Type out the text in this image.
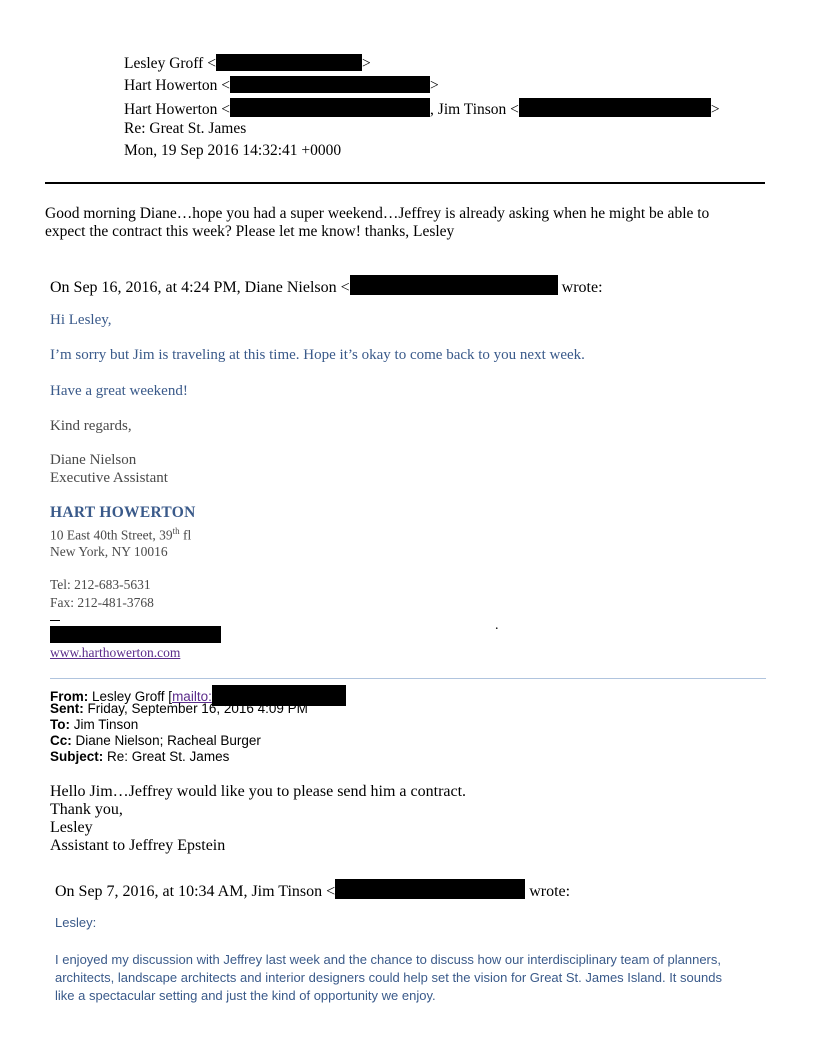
Lesley Groff <	>
Hart Howerton <	>
Hart Howerton <	, Jim Tinson <	>
Re: Great St. James
Mon, 19 Sep 2016 14:32:41 +0000
Good morning Diane…hope you had a super weekend…Jeffrey is already asking when he might be able to
expect the contract this week? Please let me know! thanks, Lesley
On Sep 16, 2016, at 4:24 PM, Diane Nielson <	wrote:
Hi Lesley,
I’m sorry but Jim is traveling at this time. Hope it’s okay to come back to you next week.
Have a great weekend!
Kind regards,
Diane Nielson
Executive Assistant
HART HOWERTON
10 East 40th Street, 39th fl
New York, NY 10016
Tel: 212-683-5631
Fax: 212-481-3768
.
www.harthowerton.com
From: Lesley Groff [mailto:
Sent: Friday, September 16, 2016 4:09 PM
To: Jim Tinson
Cc: Diane Nielson; Racheal Burger
Subject: Re: Great St. James
Hello Jim…Jeffrey would like you to please send him a contract.
Thank you,
Lesley
Assistant to Jeffrey Epstein
On Sep 7, 2016, at 10:34 AM, Jim Tinson <	wrote:
Lesley:
I enjoyed my discussion with Jeffrey last week and the chance to discuss how our interdisciplinary team of planners,
architects, landscape architects and interior designers could help set the vision for Great St. James Island. It sounds
like a spectacular setting and just the kind of opportunity we enjoy.
